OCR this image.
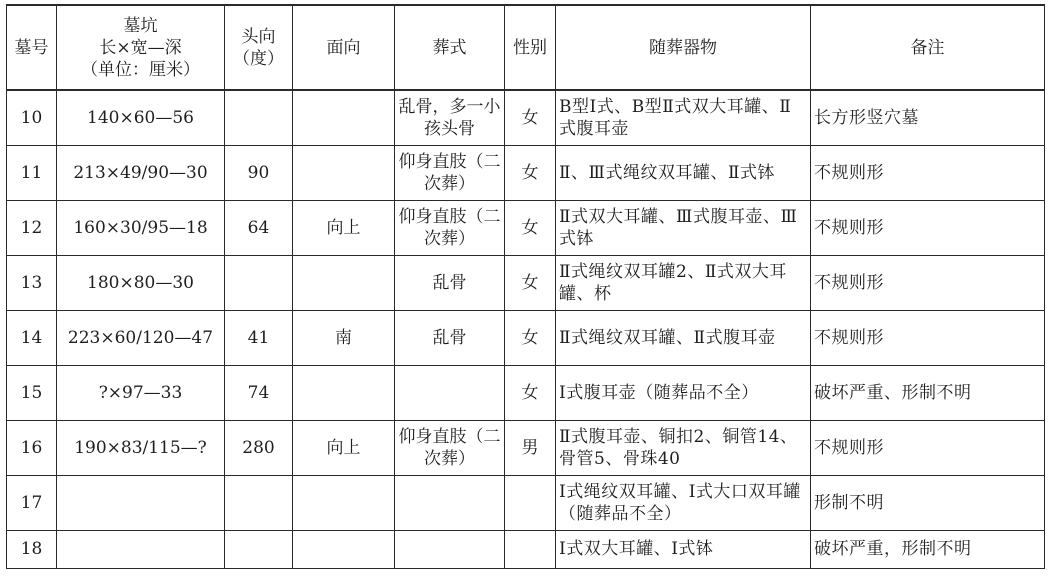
墓号	墓坑
长×宽—深
（单位：厘米）	头向
（度）	面向	葬式	性别	随葬器物	备注
10	140×60—56			乱骨，多一小孩头骨	女	B型Ⅰ式、B型Ⅱ式双大耳罐、Ⅱ式腹耳壶	长方形竖穴墓
11	213×49/90—30	90		仰身直肢（二次葬）	女	Ⅱ、Ⅲ式绳纹双耳罐、Ⅱ式钵	不规则形
12	160×30/95—18	64	向上	仰身直肢（二次葬）	女	Ⅱ式双大耳罐、Ⅲ式腹耳壶、Ⅲ式钵	不规则形
13	180×80—30			乱骨	女	Ⅱ式绳纹双耳罐2、Ⅱ式双大耳罐、杯	不规则形
14	223×60/120—47	41	南	乱骨	女	Ⅱ式绳纹双耳罐、Ⅱ式腹耳壶	不规则形
15	?×97—33	74			女	Ⅰ式腹耳壶（随葬品不全）	破坏严重、形制不明
16	190×83/115—?	280	向上	仰身直肢（二次葬）	男	Ⅱ式腹耳壶、铜扣2、铜管14、骨管5、骨珠40	不规则形
17						Ⅰ式绳纹双耳罐、Ⅰ式大口双耳罐（随葬品不全）	形制不明
18						Ⅰ式双大耳罐、Ⅰ式钵	破坏严重，形制不明
